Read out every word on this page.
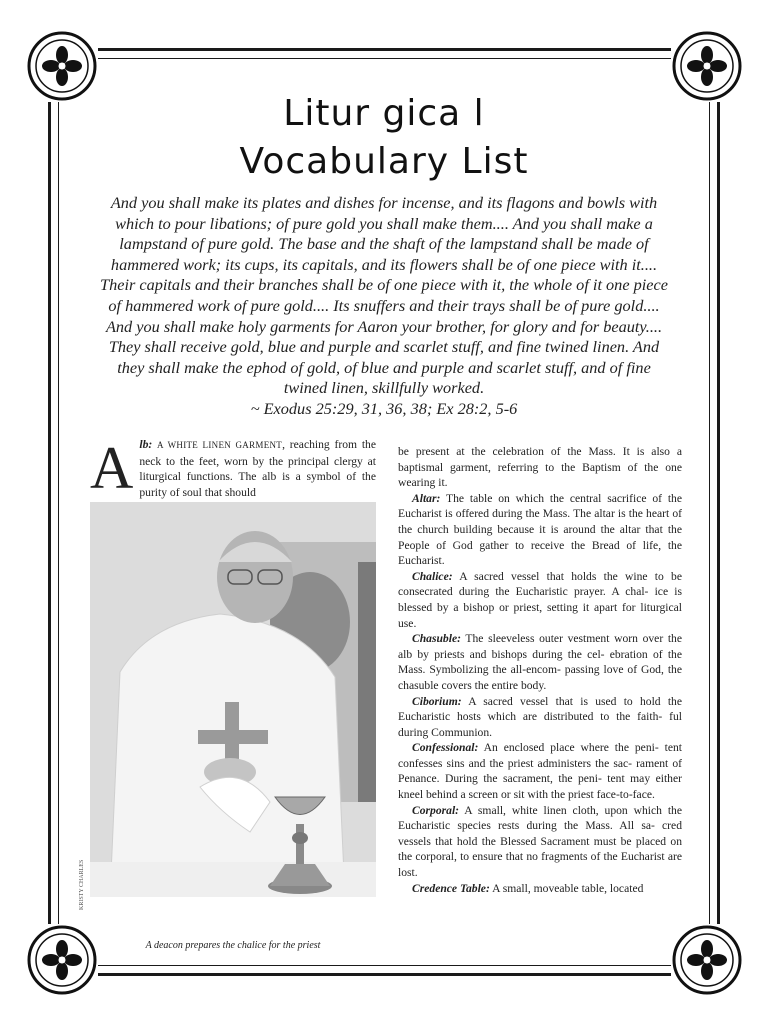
Litur gica l
Vocabulary List
And you shall make its plates and dishes for incense, and its flagons and bowls with which to pour libations; of pure gold you shall make them.... And you shall make a lampstand of pure gold. The base and the shaft of the lampstand shall be made of hammered work; its cups, its capitals, and its flowers shall be of one piece with it.... Their capitals and their branches shall be of one piece with it, the whole of it one piece of hammered work of pure gold.... Its snuffers and their trays shall be of pure gold.... And you shall make holy garments for Aaron your brother, for glory and for beauty.... They shall receive gold, blue and purple and scarlet stuff, and fine twined linen. And they shall make the ephod of gold, of blue and purple and scarlet stuff, and of fine twined linen, skillfully worked.
~ Exodus 25:29, 31, 36, 38; Ex 28:2, 5-6
A lb: A WHITE LINEN GARMENT, reaching from the neck to the feet, worn by the principal clergy at liturgical functions. The alb is a symbol of the purity of soul that should
KRISTY CHARLES
A deacon prepares the chalice for the priest

be present at the celebration of the Mass. It is also a baptismal garment, referring to the Baptism of the one wearing it.

Altar: The table on which the central sacrifice of the Eucharist is offered during the Mass. The altar is the heart of the church building because it is around the altar that the People of God gather to receive the Bread of life, the Eucharist.

Chalice: A sacred vessel that holds the wine to be consecrated during the Eucharistic prayer. A chal- ice is blessed by a bishop or priest, setting it apart for liturgical use.

Chasuble: The sleeveless outer vestment worn over the alb by priests and bishops during the cel- ebration of the Mass. Symbolizing the all-encom- passing love of God, the chasuble covers the entire body.

Ciborium: A sacred vessel that is used to hold the Eucharistic hosts which are distributed to the faith- ful during Communion.

Confessional: An enclosed place where the peni- tent confesses sins and the priest administers the sac- rament of Penance. During the sacrament, the peni- tent may either kneel behind a screen or sit with the priest face-to-face.

Corporal: A small, white linen cloth, upon which the Eucharistic species rests during the Mass. All sa- cred vessels that hold the Blessed Sacrament must be placed on the corporal, to ensure that no fragments of the Eucharist are lost.

Credence Table: A small, moveable table, located
